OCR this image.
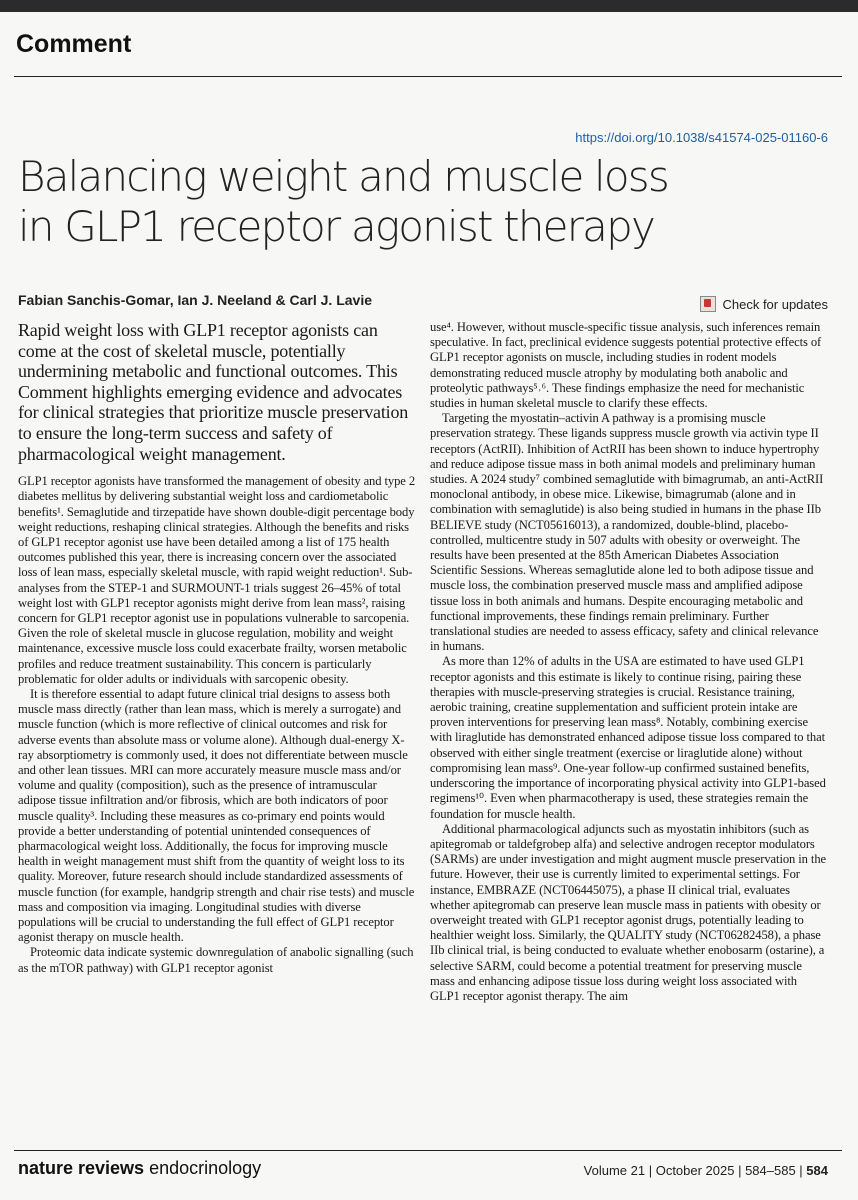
Comment
https://doi.org/10.1038/s41574-025-01160-6
Balancing weight and muscle loss
in GLP1 receptor agonist therapy
Fabian Sanchis-Gomar, Ian J. Neeland & Carl J. Lavie	Check for updates

Rapid weight loss with GLP1 receptor agonists can come at the cost of skeletal muscle, potentially undermining metabolic and functional outcomes. This Comment highlights emerging evidence and advocates for clinical strategies that prioritize muscle preservation to ensure the long-term success and safety of pharmacological weight management.

GLP1 receptor agonists have transformed the management of obesity and type 2 diabetes mellitus by delivering substantial weight loss and cardiometabolic benefits¹. Semaglutide and tirzepatide have shown double-digit percentage body weight reductions, reshaping clinical strategies. Although the benefits and risks of GLP1 receptor agonist use have been detailed among a list of 175 health outcomes published this year, there is increasing concern over the associated loss of lean mass, especially skeletal muscle, with rapid weight reduction¹. Sub-analyses from the STEP-1 and SURMOUNT-1 trials suggest 26–45% of total weight lost with GLP1 receptor agonists might derive from lean mass², raising concern for GLP1 receptor agonist use in populations vulnerable to sarcopenia. Given the role of skeletal muscle in glucose regulation, mobility and weight maintenance, excessive muscle loss could exacerbate frailty, worsen metabolic profiles and reduce treatment sustainability. This concern is particularly problematic for older adults or individuals with sarcopenic obesity.

It is therefore essential to adapt future clinical trial designs to assess both muscle mass directly (rather than lean mass, which is merely a surrogate) and muscle function (which is more reflective of clinical outcomes and risk for adverse events than absolute mass or volume alone). Although dual-energy X-ray absorptiometry is commonly used, it does not differentiate between muscle and other lean tissues. MRI can more accurately measure muscle mass and/or volume and quality (composition), such as the presence of intramuscular adipose tissue infiltration and/or fibrosis, which are both indicators of poor muscle quality³. Including these measures as co-primary end points would provide a better understanding of potential unintended consequences of pharmacological weight loss. Additionally, the focus for improving muscle health in weight management must shift from the quantity of weight loss to its quality. Moreover, future research should include standardized assessments of muscle function (for example, handgrip strength and chair rise tests) and muscle mass and composition via imaging. Longitudinal studies with diverse populations will be crucial to understanding the full effect of GLP1 receptor agonist therapy on muscle health.

Proteomic data indicate systemic downregulation of anabolic signalling (such as the mTOR pathway) with GLP1 receptor agonist

use⁴. However, without muscle-specific tissue analysis, such inferences remain speculative. In fact, preclinical evidence suggests potential protective effects of GLP1 receptor agonists on muscle, including studies in rodent models demonstrating reduced muscle atrophy by modulating both anabolic and proteolytic pathways⁵˒⁶. These findings emphasize the need for mechanistic studies in human skeletal muscle to clarify these effects.

Targeting the myostatin–activin A pathway is a promising muscle preservation strategy. These ligands suppress muscle growth via activin type II receptors (ActRII). Inhibition of ActRII has been shown to induce hypertrophy and reduce adipose tissue mass in both animal models and preliminary human studies. A 2024 study⁷ combined semaglutide with bimagrumab, an anti-ActRII monoclonal antibody, in obese mice. Likewise, bimagrumab (alone and in combination with semaglutide) is also being studied in humans in the phase IIb BELIEVE study (NCT05616013), a randomized, double-blind, placebo-controlled, multicentre study in 507 adults with obesity or overweight. The results have been presented at the 85th American Diabetes Association Scientific Sessions. Whereas semaglutide alone led to both adipose tissue and muscle loss, the combination preserved muscle mass and amplified adipose tissue loss in both animals and humans. Despite encouraging metabolic and functional improvements, these findings remain preliminary. Further translational studies are needed to assess efficacy, safety and clinical relevance in humans.

As more than 12% of adults in the USA are estimated to have used GLP1 receptor agonists and this estimate is likely to continue rising, pairing these therapies with muscle-preserving strategies is crucial. Resistance training, aerobic training, creatine supplementation and sufficient protein intake are proven interventions for preserving lean mass⁸. Notably, combining exercise with liraglutide has demonstrated enhanced adipose tissue loss compared to that observed with either single treatment (exercise or liraglutide alone) without compromising lean mass⁹. One-year follow-up confirmed sustained benefits, underscoring the importance of incorporating physical activity into GLP1-based regimens¹⁰. Even when pharmacotherapy is used, these strategies remain the foundation for muscle health.

Additional pharmacological adjuncts such as myostatin inhibitors (such as apitegromab or taldefgrobep alfa) and selective androgen receptor modulators (SARMs) are under investigation and might augment muscle preservation in the future. However, their use is currently limited to experimental settings. For instance, EMBRAZE (NCT06445075), a phase II clinical trial, evaluates whether apitegromab can preserve lean muscle mass in patients with obesity or overweight treated with GLP1 receptor agonist drugs, potentially leading to healthier weight loss. Similarly, the QUALITY study (NCT06282458), a phase IIb clinical trial, is being conducted to evaluate whether enobosarm (ostarine), a selective SARM, could become a potential treatment for preserving muscle mass and enhancing adipose tissue loss during weight loss associated with GLP1 receptor agonist therapy. The aim

nature reviews endocrinology	Volume 21 | October 2025 | 584–585 | 584
